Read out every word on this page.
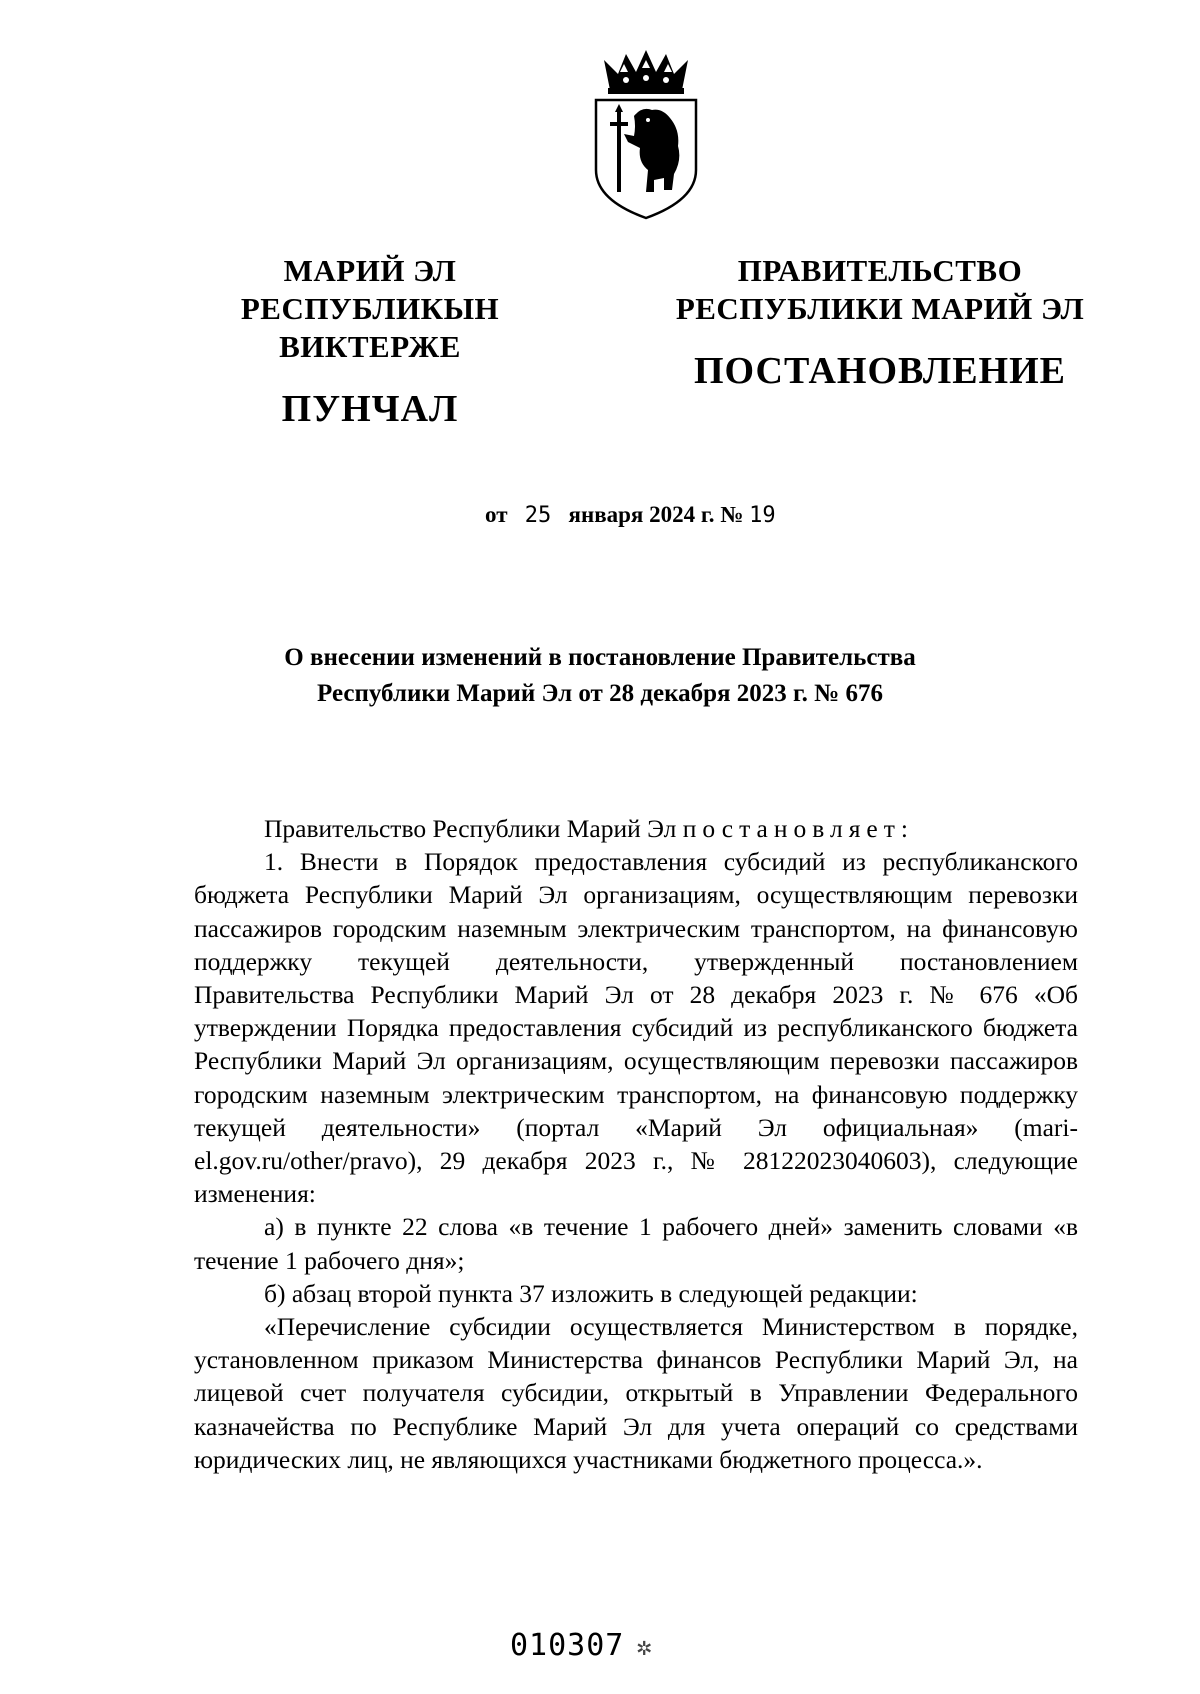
МАРИЙ ЭЛ РЕСПУБЛИКЫН
ВИКТЕРЖЕ
ПУНЧАЛ
ПРАВИТЕЛЬСТВО
РЕСПУБЛИКИ МАРИЙ ЭЛ
ПОСТАНОВЛЕНИЕ
от 25 января 2024 г. № 19
О внесении изменений в постановление Правительства
Республики Марий Эл от 28 декабря 2023 г. № 676

Правительство Республики Марий Эл постановляет:

1. Внести в Порядок предоставления субсидий из республиканского бюджета Республики Марий Эл организациям, осуществляющим перевозки пассажиров городским наземным электрическим транспортом, на финансовую поддержку текущей деятельности, утвержденный постановлением Правительства Республики Марий Эл от 28 декабря 2023 г. № 676 «Об утверждении Порядка предоставления субсидий из республиканского бюджета Республики Марий Эл организациям, осуществляющим перевозки пассажиров городским наземным электрическим транспортом, на финансовую поддержку текущей деятельности» (портал «Марий Эл официальная» (mari-el.gov.ru/other/pravo), 29 декабря 2023 г., № 28122023040603), следующие изменения:

а) в пункте 22 слова «в течение 1 рабочего дней» заменить словами «в течение 1 рабочего дня»;

б) абзац второй пункта 37 изложить в следующей редакции:

«Перечисление субсидии осуществляется Министерством в порядке, установленном приказом Министерства финансов Республики Марий Эл, на лицевой счет получателя субсидии, открытый в Управлении Федерального казначейства по Республике Марий Эл для учета операций со средствами юридических лиц, не являющихся участниками бюджетного процесса.».

010307 ✲
